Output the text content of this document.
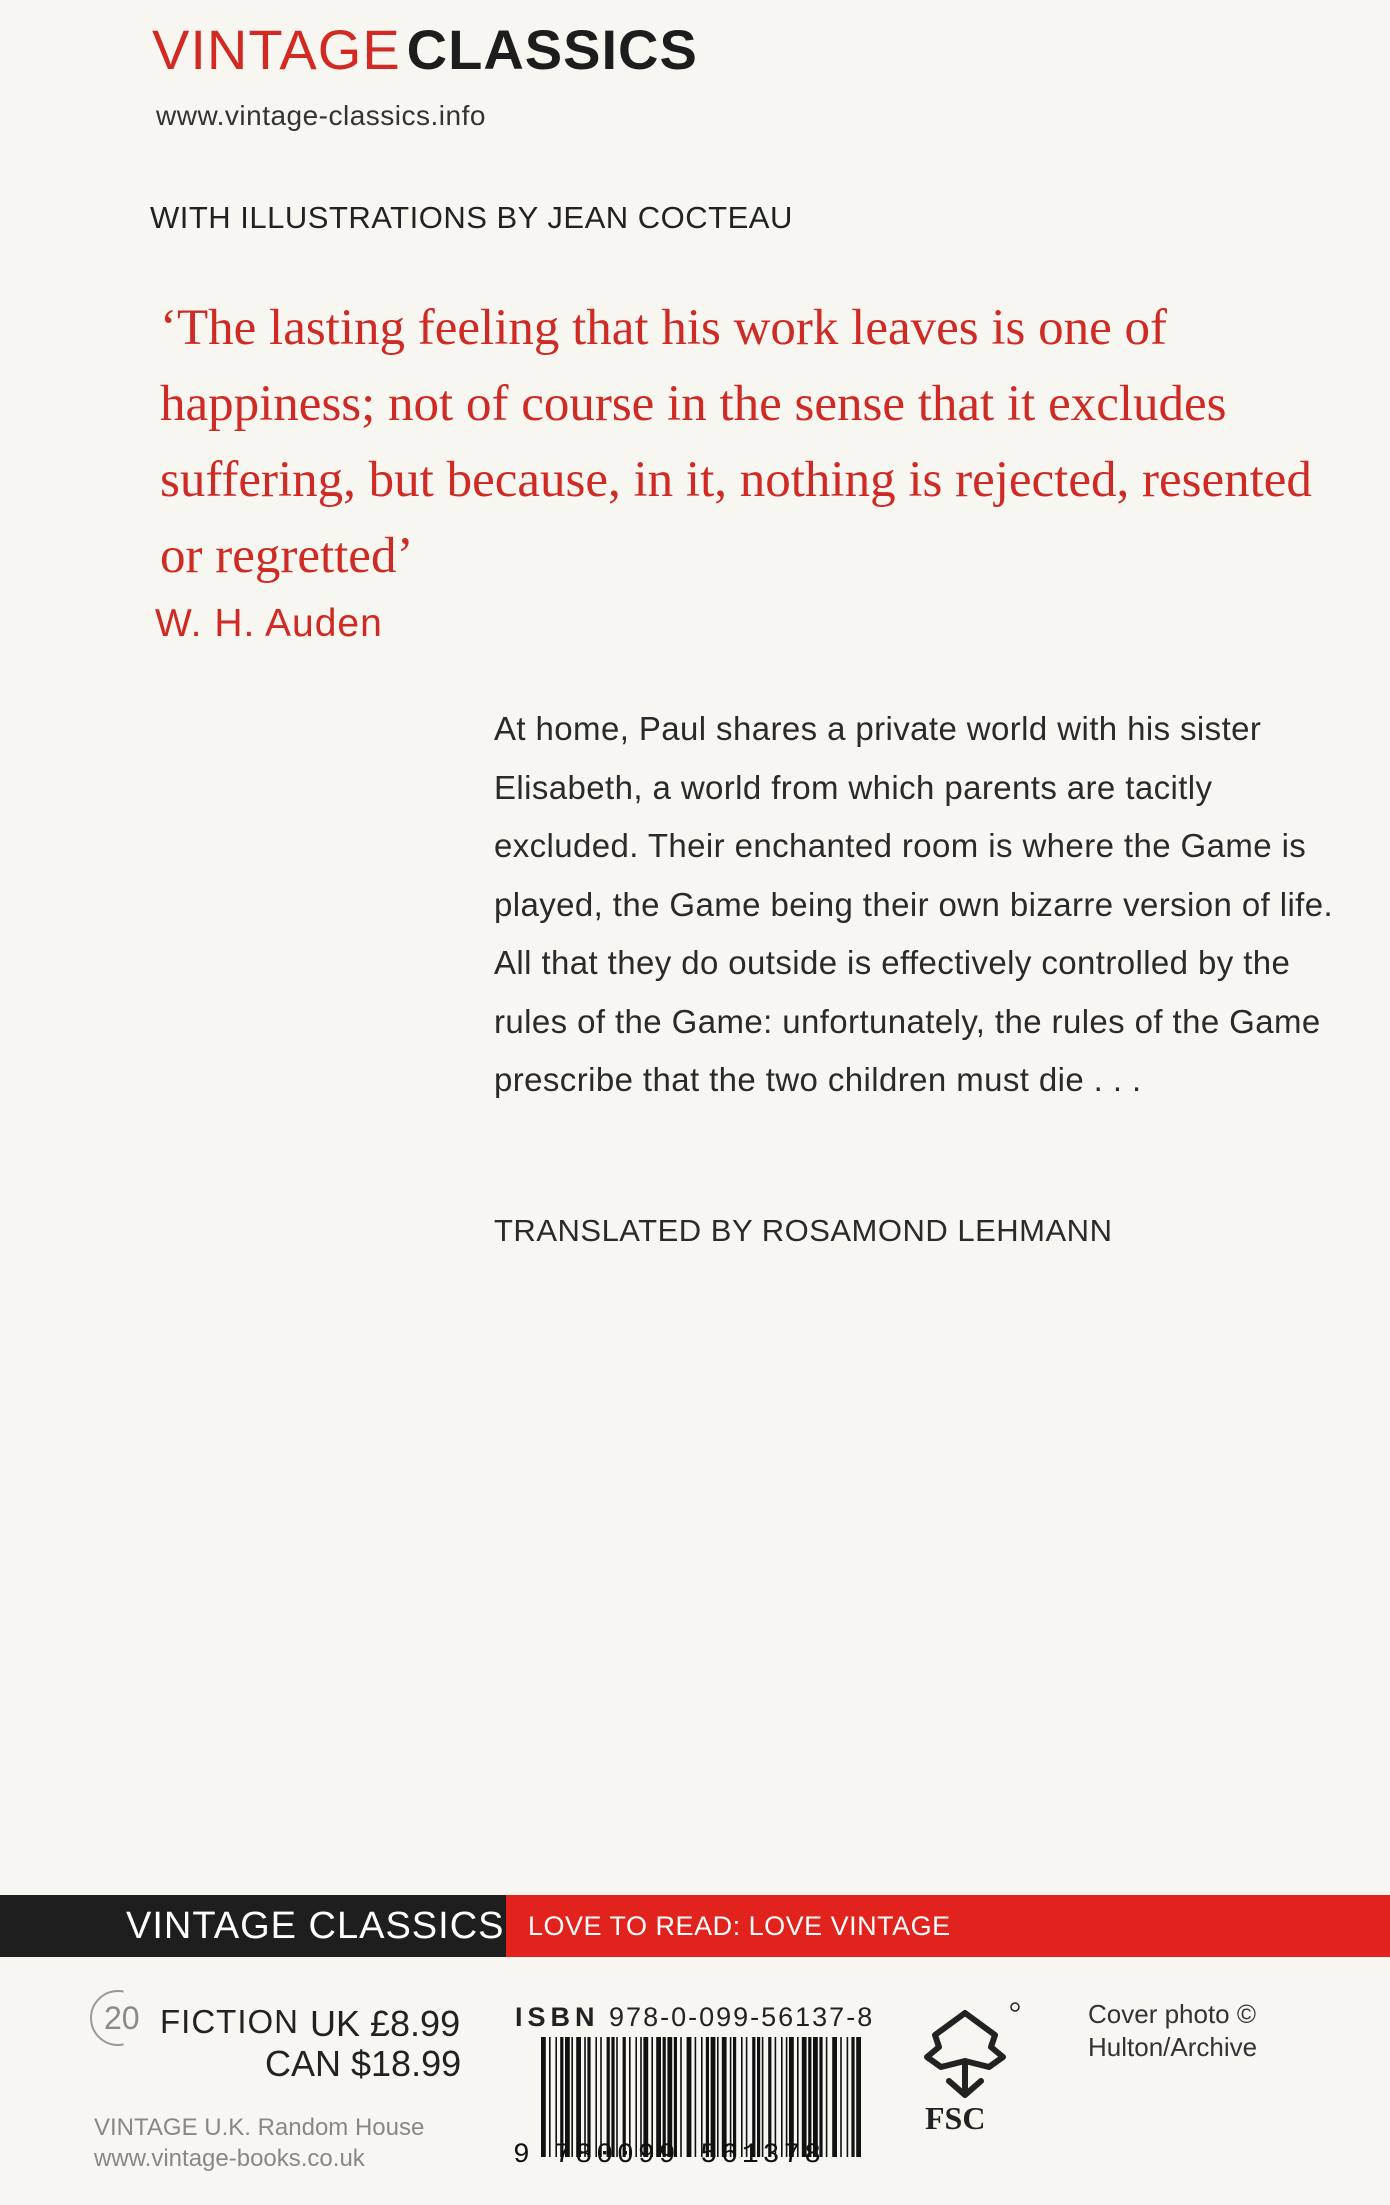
VINTAGE CLASSICS
www.vintage-classics.info
WITH ILLUSTRATIONS BY JEAN COCTEAU
‘The lasting feeling that his work leaves is one of happiness; not of course in the sense that it excludes suffering, but because, in it, nothing is rejected, resented or regretted’
W. H. Auden
At home, Paul shares a private world with his sister Elisabeth, a world from which parents are tacitly excluded. Their enchanted room is where the Game is played, the Game being their own bizarre version of life. All that they do outside is effectively controlled by the rules of the Game: unfortunately, the rules of the Game prescribe that the two children must die . . .
TRANSLATED BY ROSAMOND LEHMANN
VINTAGE CLASSICS LOVE TO READ: LOVE VINTAGE
20 FICTION UK £8.99
CAN $18.99
VINTAGE U.K. Random House
www.vintage-books.co.uk
ISBN 978-0-099-56137-8
9 780099 561378
FSC
Cover photo ©
Hulton/Archive
